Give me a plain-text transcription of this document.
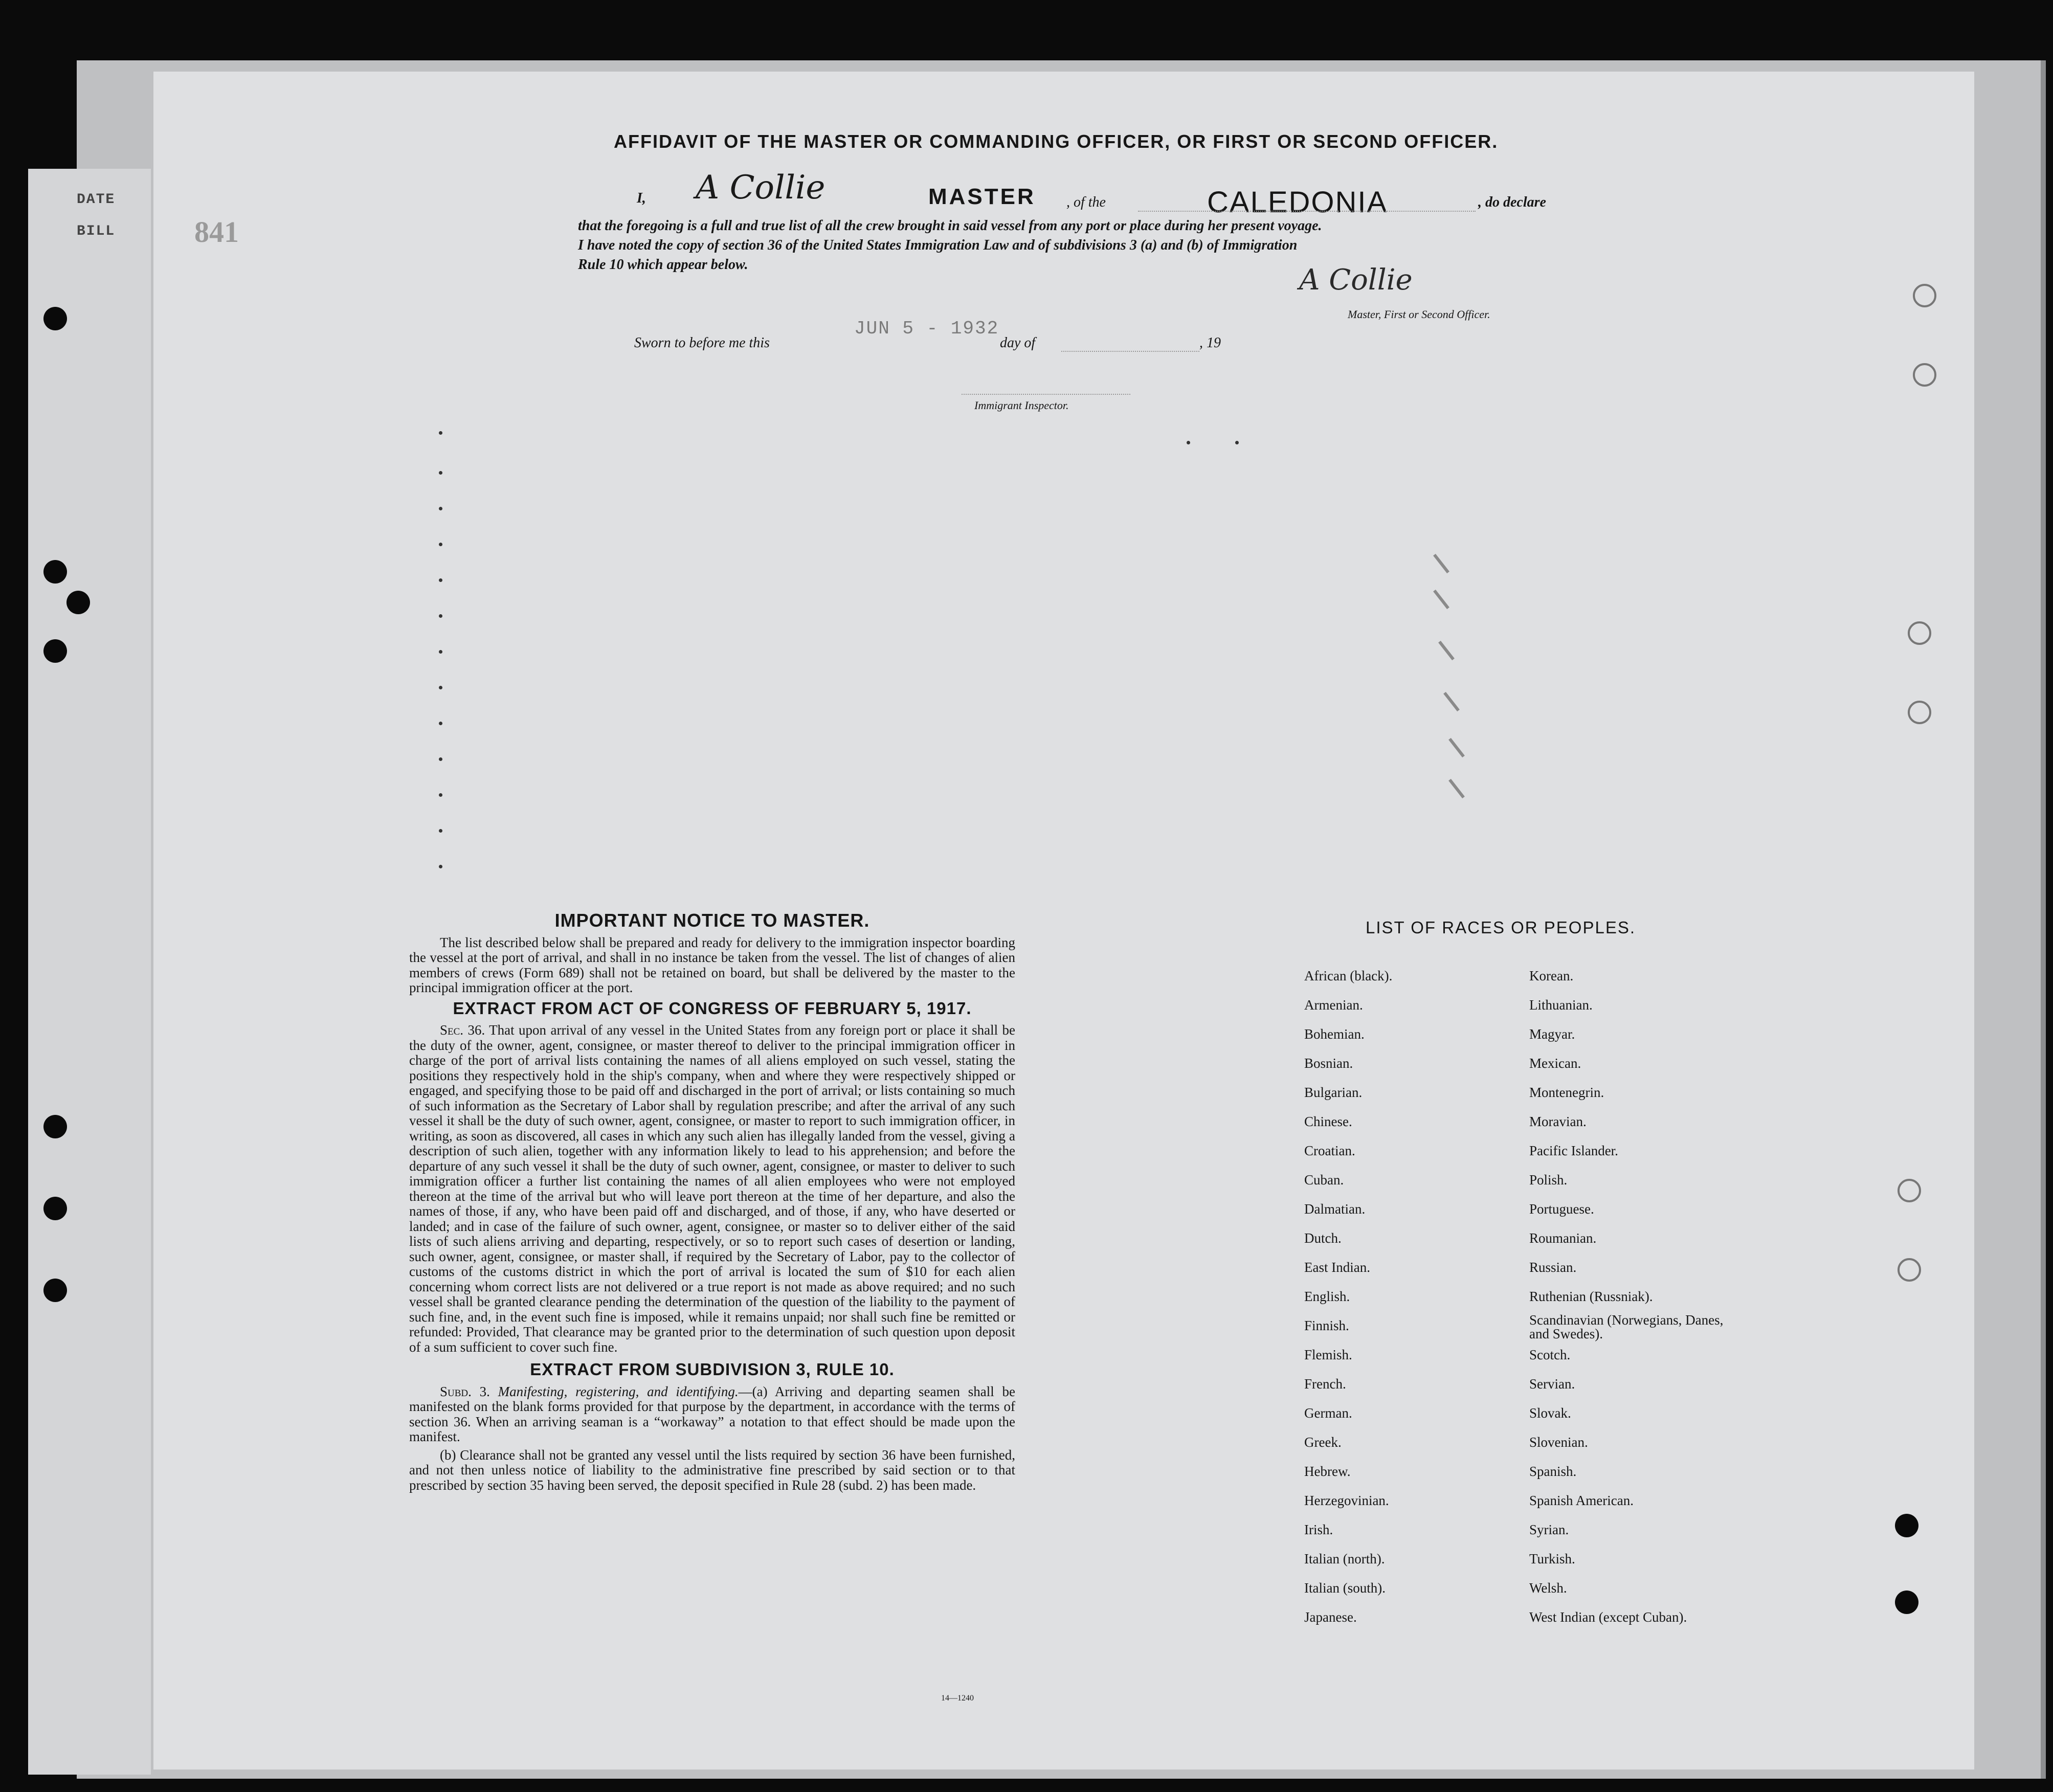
DATE
BILL	841
AFFIDAVIT OF THE MASTER OR COMMANDING OFFICER, OR FIRST OR SECOND OFFICER.
I, A Collie	MASTER , of the	CALEDONIA	, do declare
that the foregoing is a full and true list of all the crew brought in said vessel from any port or place during her present voyage.
I have noted the copy of section 36 of the United States Immigration Law and of subdivisions 3 (a) and (b) of Immigration
Rule 10 which appear below.	A Collie
Master, First or Second Officer.
Sworn to before me this
JUN 5 - 1932
day of	, 19
Immigrant Inspector.
IMPORTANT NOTICE TO MASTER.

The list described below shall be prepared and ready for delivery to the immigration inspector boarding the vessel at the port of arrival, and shall in no instance be taken from the vessel. The list of changes of alien members of crews (Form 689) shall not be retained on board, but shall be delivered by the master to the principal immigration officer at the port.

EXTRACT FROM ACT OF CONGRESS OF FEBRUARY 5, 1917.

Sec. 36. That upon arrival of any vessel in the United States from any foreign port or place it shall be the duty of the owner, agent, consignee, or master thereof to deliver to the principal immigration officer in charge of the port of arrival lists containing the names of all aliens employed on such vessel, stating the positions they respectively hold in the ship's company, when and where they were respectively shipped or engaged, and specifying those to be paid off and discharged in the port of arrival; or lists containing so much of such information as the Secretary of Labor shall by regulation prescribe; and after the arrival of any such vessel it shall be the duty of such owner, agent, consignee, or master to report to such immigration officer, in writing, as soon as discovered, all cases in which any such alien has illegally landed from the vessel, giving a description of such alien, together with any information likely to lead to his apprehension; and before the departure of any such vessel it shall be the duty of such owner, agent, consignee, or master to deliver to such immigration officer a further list containing the names of all alien employees who were not employed thereon at the time of the arrival but who will leave port thereon at the time of her departure, and also the names of those, if any, who have been paid off and discharged, and of those, if any, who have deserted or landed; and in case of the failure of such owner, agent, consignee, or master so to deliver either of the said lists of such aliens arriving and departing, respectively, or so to report such cases of desertion or landing, such owner, agent, consignee, or master shall, if required by the Secretary of Labor, pay to the collector of customs of the customs district in which the port of arrival is located the sum of $10 for each alien concerning whom correct lists are not delivered or a true report is not made as above required; and no such vessel shall be granted clearance pending the determination of the question of the liability to the payment of such fine, and, in the event such fine is imposed, while it remains unpaid; nor shall such fine be remitted or refunded: Provided, That clearance may be granted prior to the determination of such question upon deposit of a sum sufficient to cover such fine.

EXTRACT FROM SUBDIVISION 3, RULE 10.

Subd. 3. Manifesting, registering, and identifying.—(a) Arriving and departing seamen shall be manifested on the blank forms provided for that purpose by the department, in accordance with the terms of section 36. When an arriving seaman is a “workaway” a notation to that effect should be made upon the manifest.

(b) Clearance shall not be granted any vessel until the lists required by section 36 have been furnished, and not then unless notice of liability to the administrative fine prescribed by said section or to that prescribed by section 35 having been served, the deposit specified in Rule 28 (subd. 2) has been made.

14—1240
LIST OF RACES OR PEOPLES.
African (black).
Armenian.
Bohemian.
Bosnian.
Bulgarian.
Chinese.
Croatian.
Cuban.
Dalmatian.
Dutch.
East Indian.
English.
Finnish.
Flemish.
French.
German.
Greek.
Hebrew.
Herzegovinian.
Irish.
Italian (north).
Italian (south).
Japanese.
Korean.
Lithuanian.
Magyar.
Mexican.
Montenegrin.
Moravian.
Pacific Islander.
Polish.
Portuguese.
Roumanian.
Russian.
Ruthenian (Russniak).
Scandinavian (Norwegians, Danes, and Swedes).
Scotch.
Servian.
Slovak.
Slovenian.
Spanish.
Spanish American.
Syrian.
Turkish.
Welsh.
West Indian (except Cuban).
